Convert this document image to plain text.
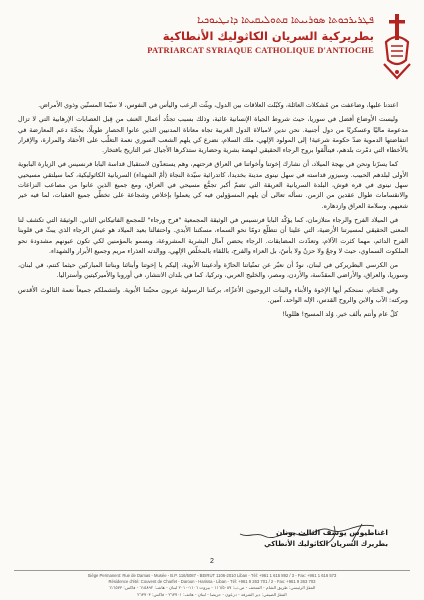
ܦܛܪܝܪܟܘܬܐ ܣܘܪܝܝܬܐ ܩܬܘܠܝܩܝܬܐ ܕܐܢܛܝܘܟܝܐ
بطريركية السريان الكاثوليك الأنطاكية
PATRIARCAT SYRIAQUE CATHOLIQUE D'ANTIOCHE

اعتدنا عليها، وضاعفت من مُشكلات العائلة، وكبّلت العلاقات بين الدول، وبثّت الرعب واليأس في النفوس، لا سيّما المسنّين وذوي الأمراض.

وليست الأوضاع أفضل في سوريا، حيث شروط الحياة الإنسانية غائبة، وذلك بسبب تجدُّد أعمال العنف من قِبل العصابات الإرهابية التي لا تزال مدعومة ماليًا وعسكريًا من دول أجنبية. نحن ندين لامبالاة الدول الغربية تجاه معاناة المدنيين الذين عانوا الحصار طويلًا، بحجّة دعم المعارضة في انتفاضتها الدموية ضدّ حكومة شرعية! إلى المولود الإلهي، ملك السلام، نضرع كي يلهم الشعب السوري نعمة التغلّب على الأحقاد والمرارة، والإقرار بالأخطاء التي دمّرت بلدهم، فيتألّقوا بروح الرجاء الحقيقي لنهضة بشرية وحضارية ستذكرها الأجيال عبر التاريخ بافتخار.

كما يسرّنا ونحن في بهجة الميلاد، أن نشارك إخوتنا وأخواتنا في العراق فرحتهم، وهم يستعدّون لاستقبال قداسة البابا فرنسيس في الزيارة البابوية الأولى لبلدهم الحبيب. وسيزور قداسته في سهل نينوى مدينة بخديدا، كاتدرائية سيّدة النجاة (أمّ الشهداء) السريانية الكاثوليكية، كما سيلتقي مسيحيي سهل نينوى في قره قوش، البلدة السريانية العريقة التي تضمّ أكبر تجمُّع مسيحي في العراق، ومع جميع الذين عانوا من مصاعب النزاعات والانقسامات طوال عقدين من الزمن. نسأله تعالى أن يلهم المسؤولين فيه كي يعملوا بإخلاص وشجاعة على تخطّي جميع العقبات، لما فيه خير شعبهم، وسلامة العراق وازدهاره.

في الميلاد الفرح والرجاء متلازمان، كما يؤكّد البابا فرنسيس في الوثيقة المجمعية "فرح ورجاء" للمجمع الفاتيكاني الثاني. الوثيقة التي تكشف لنا المعنى الحقيقي لمسيرتنا الأرضية، التي علينا أن نتطلّع دومًا نحو السماء، مسكننا الأبدي. واحتفالنا بعيد الميلاد هو عيش الرجاء الذي يبثّ في قلوبنا الفرح الدائم، مهما كثرت الآلام، وتعدّدت المضايقات. الرجاء يحضن آمال البشرية المشروعة، ويسمو بالمؤمنين لكي تكون عيونهم مشدودة نحو الملكوت السماوي، حيث لا وجعٌ ولا حزنٌ ولا بأسٌ، بل العزاء والفرح، باللقاء بالمخلّص الإلهي، ووالدته العذراء مريم وجميع الأبرار والشهداء.

من الكرسي البطريركي في لبنان، نودّ أن نعبّر عن تمنّياتنا الحارّة وأدعيتنا الأبوية، إليكم يا إخوتنا وأبنائنا وبناتنا المباركين حيثما كنتم، في لبنان، وسوريا، والعراق، والأراضي المقدّسة، والأردن، ومصر، والخليج العربي، وتركيا، كما في بلدان الانتشار، في أوروبا والأميركيتين وأستراليا.

وفي الختام، نمنحكم أيها الإخوة والأبناء والبنات الروحيون الأعزّاء، بركتنا الرسولية عربون محبّتنا الأبوية. ولتشملكم جميعاً نعمة الثالوث الأقدس وبركته: الآب والابن والروح القدس، الإله الواحد، آمين.

كلّ عام وأنتم بألف خير. وُلد المسيح! هللويا!

اغناطيوس يوسف الثالث يونان
بطريرك السريان الكاثوليك الأنطاكي
2
Siège Permanent: Rue de Damas - Musée - B.P. 116/5087 - BEIRUT 1106-2010 Liban - Tél: +961 1 615 892 / 3 - Fax: +961 1 616 573
Résidence d'été: Couvent de Charfet - Daroun - Harissa - Liban - Tél: +961 9 263 701 / 2 - Fax: +961 9 263 703
المقرّ الرئيسي: طريق الشام - المتحف - ص.ب: ١١٦/٥٠٨٧ - بيروت ١١٠٦-٢٠١٠ لبنان - هاتف: ٦١٥٨٩٢ - فاكس: ٦١٦٥٧٣
المقرّ الصيفي: دير الشرفة - درعون - حريصا - لبنان - هاتف: ٢٦٣٧٠١ - فاكس: ٢٦٣٧٠٣
